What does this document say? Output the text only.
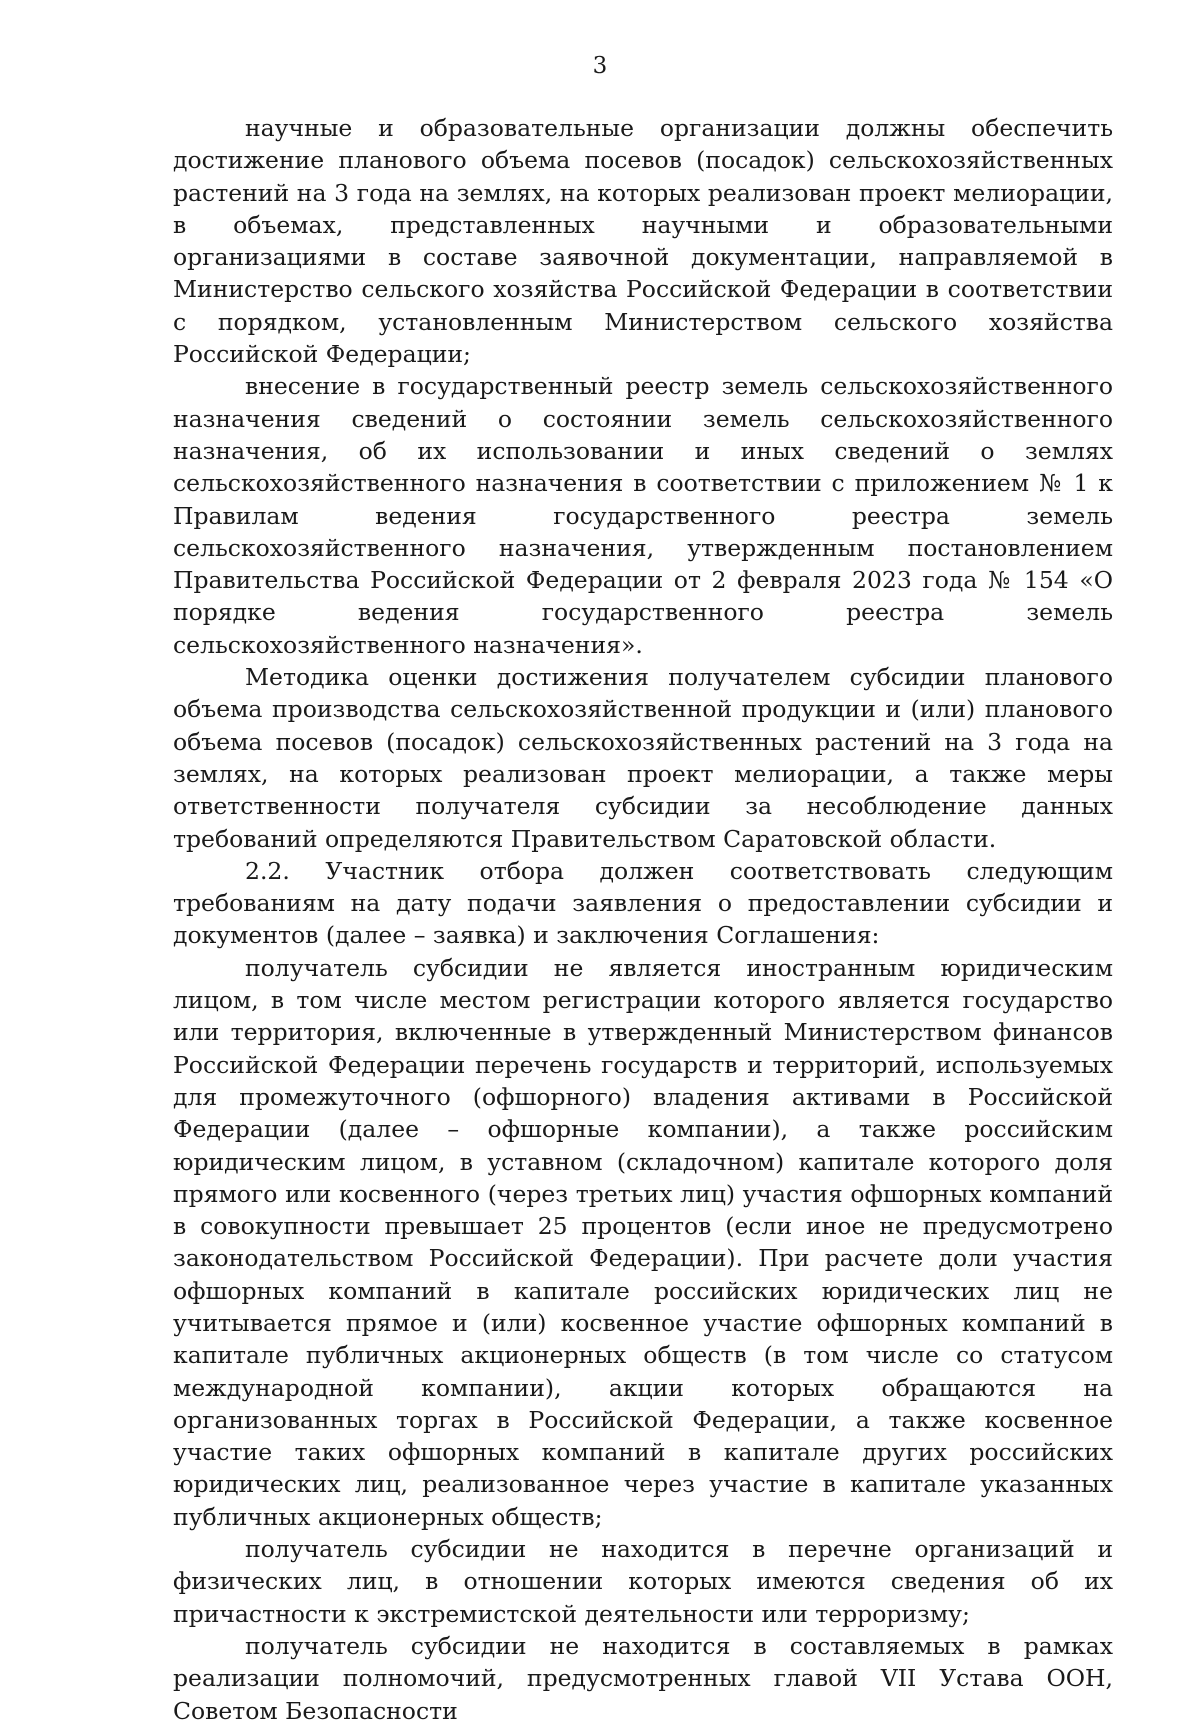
3

научные и образовательные организации должны обеспечить достижение планового объема посевов (посадок) сельскохозяйственных растений на 3 года на землях, на которых реализован проект мелиорации, в объемах, представленных научными и образовательными организациями в составе заявочной документации, направляемой в Министерство сельского хозяйства Российской Федерации в соответствии с порядком, установленным Министерством сельского хозяйства Российской Федерации;

внесение в государственный реестр земель сельскохозяйственного назначения сведений о состоянии земель сельскохозяйственного назначения, об их использовании и иных сведений о землях сельскохозяйственного назначения в соответствии с приложением № 1 к Правилам ведения государственного реестра земель сельскохозяйственного назначения, утвержденным постановлением Правительства Российской Федерации от 2 февраля 2023 года № 154 «О порядке ведения государственного реестра земель сельскохозяйственного назначения».

Методика оценки достижения получателем субсидии планового объема производства сельскохозяйственной продукции и (или) планового объема посевов (посадок) сельскохозяйственных растений на 3 года на землях, на которых реализован проект мелиорации, а также меры ответственности получателя субсидии за несоблюдение данных требований определяются Правительством Саратовской области.

2.2. Участник отбора должен соответствовать следующим требованиям на дату подачи заявления о предоставлении субсидии и документов (далее – заявка) и заключения Соглашения:

получатель субсидии не является иностранным юридическим лицом, в том числе местом регистрации которого является государство или территория, включенные в утвержденный Министерством финансов Российской Федерации перечень государств и территорий, используемых для промежуточного (офшорного) владения активами в Российской Федерации (далее – офшорные компании), а также российским юридическим лицом, в уставном (складочном) капитале которого доля прямого или косвенного (через третьих лиц) участия офшорных компаний в совокупности превышает 25 процентов (если иное не предусмотрено законодательством Российской Федерации). При расчете доли участия офшорных компаний в капитале российских юридических лиц не учитывается прямое и (или) косвенное участие офшорных компаний в капитале публичных акционерных обществ (в том числе со статусом международной компании), акции которых обращаются на организованных торгах в Российской Федерации, а также косвенное участие таких офшорных компаний в капитале других российских юридических лиц, реализованное через участие в капитале указанных публичных акционерных обществ;

получатель субсидии не находится в перечне организаций и физических лиц, в отношении которых имеются сведения об их причастности к экстремистской деятельности или терроризму;

получатель субсидии не находится в составляемых в рамках реализации полномочий, предусмотренных главой VII Устава ООН, Советом Безопасности
